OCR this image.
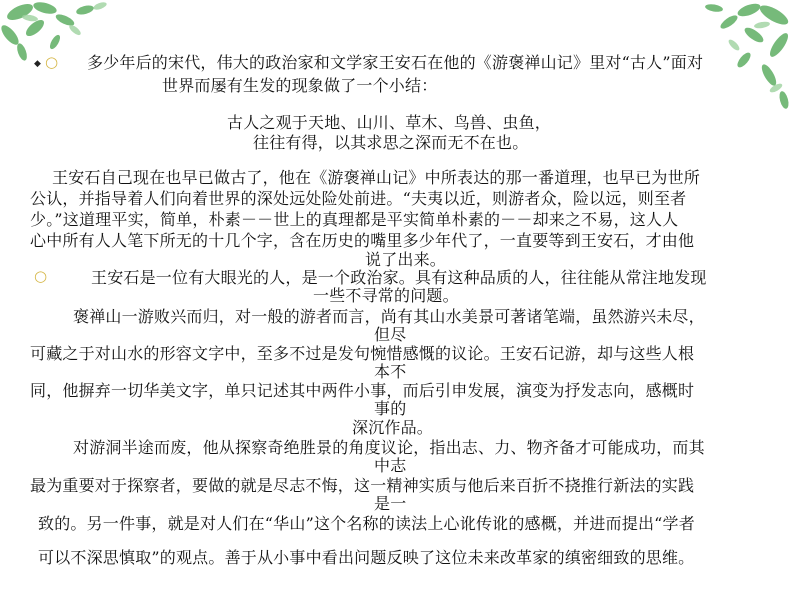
◆ ○ 多少年后的宋代，伟大的政治家和文学家王安石在他的《游褒禅山记》里对“古人”面对
世界而屡有生发的现象做了一个小结：
古人之观于天地、山川、草木、鸟兽、虫鱼，
往往有得，以其求思之深而无不在也。
王安石自己现在也早已做古了，他在《游褒禅山记》中所表达的那一番道理，也早已为世所
公认，并指导着人们向着世界的深处远处险处前进。“夫夷以近，则游者众，险以远，则至者
少。”这道理平实，简单，朴素－－世上的真理都是平实简单朴素的－－却来之不易，这人人
心中所有人人笔下所无的十几个字，含在历史的嘴里多少年代了，一直要等到王安石，才由他
说了出来。
○	王安石是一位有大眼光的人，是一个政治家。具有这种品质的人，往往能从常注地发现
一些不寻常的问题。
褒禅山一游败兴而归，对一般的游者而言，尚有其山水美景可著诸笔端，虽然游兴未尽，
但尽
可藏之于对山水的形容文字中，至多不过是发句惋惜感慨的议论。王安石记游，却与这些人根
本不
同，他摒弃一切华美文字，单只记述其中两件小事，而后引申发展，演变为抒发志向，感概时
事的
深沉作品。
对游洞半途而废，他从探察奇绝胜景的角度议论，指出志、力、物齐备才可能成功，而其
中志
最为重要对于探察者，要做的就是尽志不悔，这一精神实质与他后来百折不挠推行新法的实践
是一
致的。另一件事，就是对人们在“华山”这个名称的读法上心讹传讹的感概，并进而提出“学者
可以不深思慎取”的观点。善于从小事中看出问题反映了这位未来改革家的缜密细致的思维。
